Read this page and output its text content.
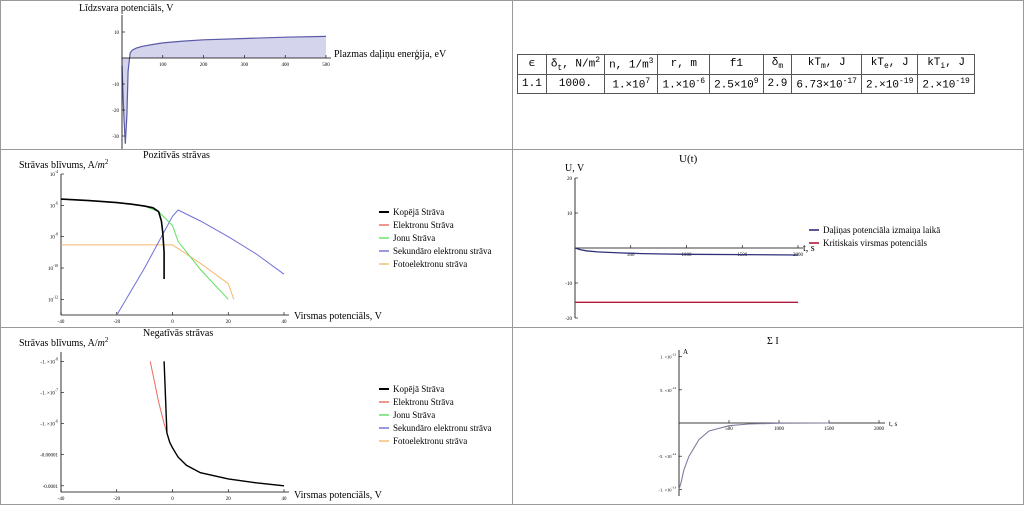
Līdzsvara potenciāls, V
Plazmas daļiņu enerģija, eV
100	200	300	400	500
10
-10
-20
-30
ϵ	$\delta_t$, $N/m^2$	n, $1/m^3$	r, m	f1	$\delta_m$	$kT_m$, J	$kT_e$, J	$kT_i$, J
1.1	1000.	$1.\times 10^7$	$1.\times 10^{-6}$	$2.5\times 10^9$	2.9	$6.73\times 10^{-17}$	$2.\times 10^{-19}$	$2.\times 10^{-19}$
Pozitīvās strāvas
Strāvas blīvums, $A/m^2$
Virsmas potenciāls, V
-40	-20	0	20	40
$10^{-4}$
$10^{-6}$
$10^{-8}$
$10^{-10}$
$10^{-12}$
Kopējā Strāva
Elektronu Strāva
Jonu Strāva
Sekundāro elektronu strāva
Fotoelektronu strāva
U(t)
U, V
t, s
500	1000	1500	2000
20
10
-10
-20
Daļiņas potenciāla izmaiņa laikā
Kritiskais virsmas potenciāls
Negatīvās strāvas
Strāvas blīvums, $A/m^2$
Virsmas potenciāls, V
-40	-20	0	20	40
-1. $\times 10^{-8}$
-1. $\times 10^{-7}$
-1. $\times 10^{-6}$
-0.00001
-0.0001
Kopējā Strāva
Elektronu Strāva
Jonu Strāva
Sekundāro elektronu strāva
Fotoelektronu strāva
Σ I
A
t, s
500	1000	1500	2000
1. $\times 10^{-13}$
5. $\times 10^{-14}$
-5. $\times 10^{-14}$
-1. $\times 10^{-13}$
